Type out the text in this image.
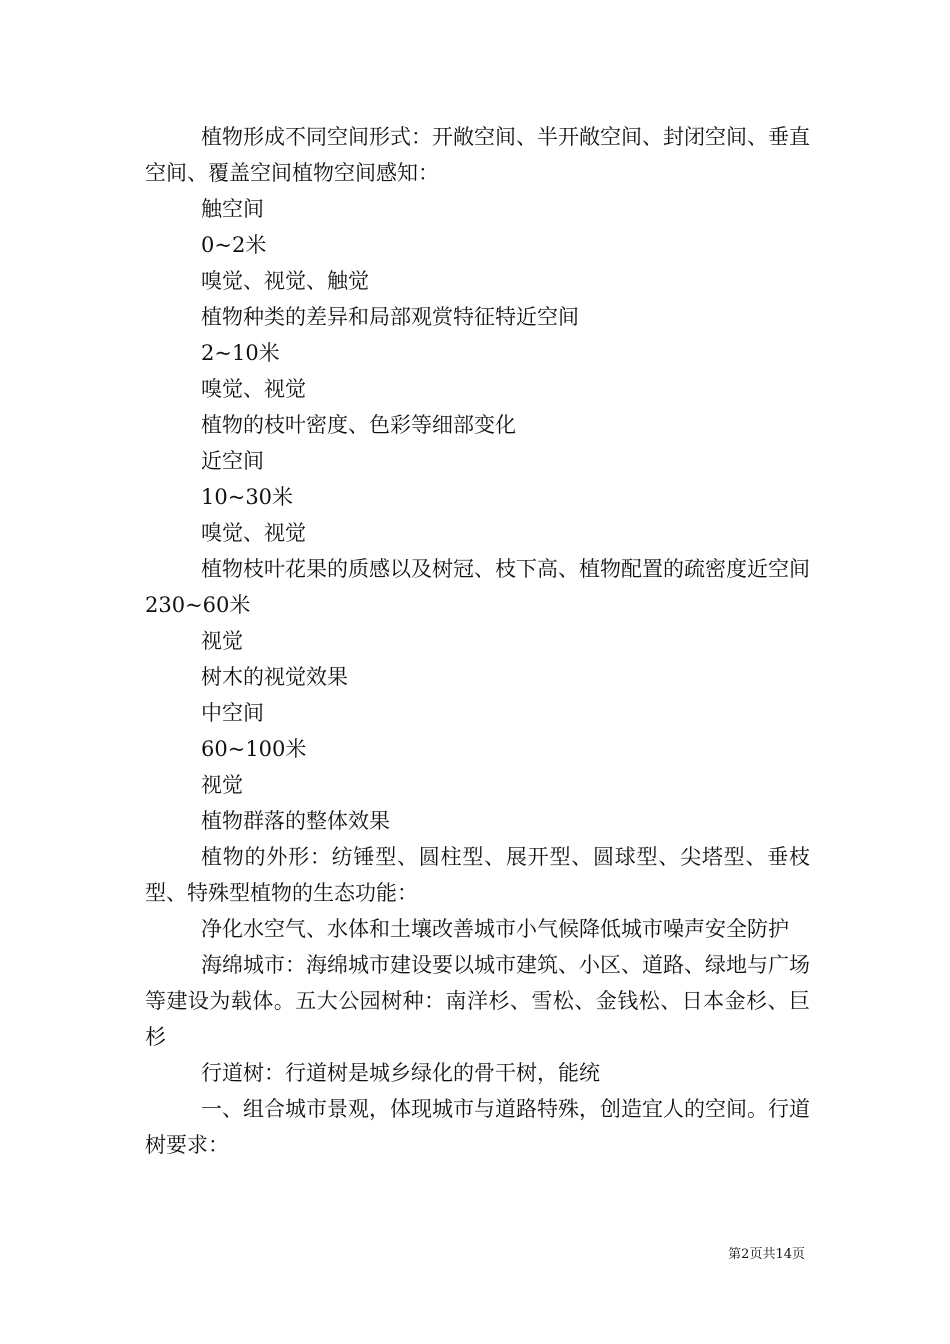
植物形成不同空间形式：开敞空间、半开敞空间、封闭空间、垂直空间、覆盖空间植物空间感知：

触空间

0~2米

嗅觉、视觉、触觉

植物种类的差异和局部观赏特征特近空间

2~10米

嗅觉、视觉

植物的枝叶密度、色彩等细部变化

近空间

10~30米

嗅觉、视觉

植物枝叶花果的质感以及树冠、枝下高、植物配置的疏密度近空间230~60米

视觉

树木的视觉效果

中空间

60~100米

视觉

植物群落的整体效果

植物的外形：纺锤型、圆柱型、展开型、圆球型、尖塔型、垂枝型、特殊型植物的生态功能：

净化水空气、水体和土壤改善城市小气候降低城市噪声安全防护

海绵城市：海绵城市建设要以城市建筑、小区、道路、绿地与广场等建设为载体。五大公园树种：南洋杉、雪松、金钱松、日本金杉、巨杉

行道树：行道树是城乡绿化的骨干树，能统

一、组合城市景观，体现城市与道路特殊，创造宜人的空间。行道树要求：

第2页共14页
